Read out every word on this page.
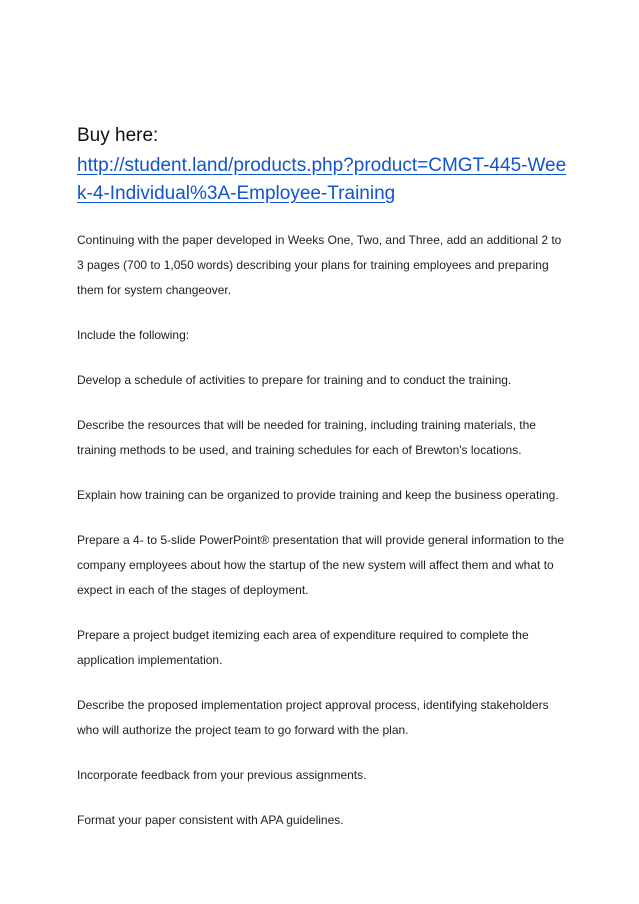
Buy here:

http://student.land/products.php?product=CMGT-445-Week-4-Individual%3A-Employee-Training

Continuing with the paper developed in Weeks One, Two, and Three, add an additional 2 to 3 pages (700 to 1,050 words) describing your plans for training employees and preparing them for system changeover.

Include the following:

Develop a schedule of activities to prepare for training and to conduct the training.

Describe the resources that will be needed for training, including training materials, the training methods to be used, and training schedules for each of Brewton's locations.

Explain how training can be organized to provide training and keep the business operating.

Prepare a 4- to 5-slide PowerPoint® presentation that will provide general information to the company employees about how the startup of the new system will affect them and what to expect in each of the stages of deployment.

Prepare a project budget itemizing each area of expenditure required to complete the application implementation.

Describe the proposed implementation project approval process, identifying stakeholders who will authorize the project team to go forward with the plan.

Incorporate feedback from your previous assignments.

Format your paper consistent with APA guidelines.
